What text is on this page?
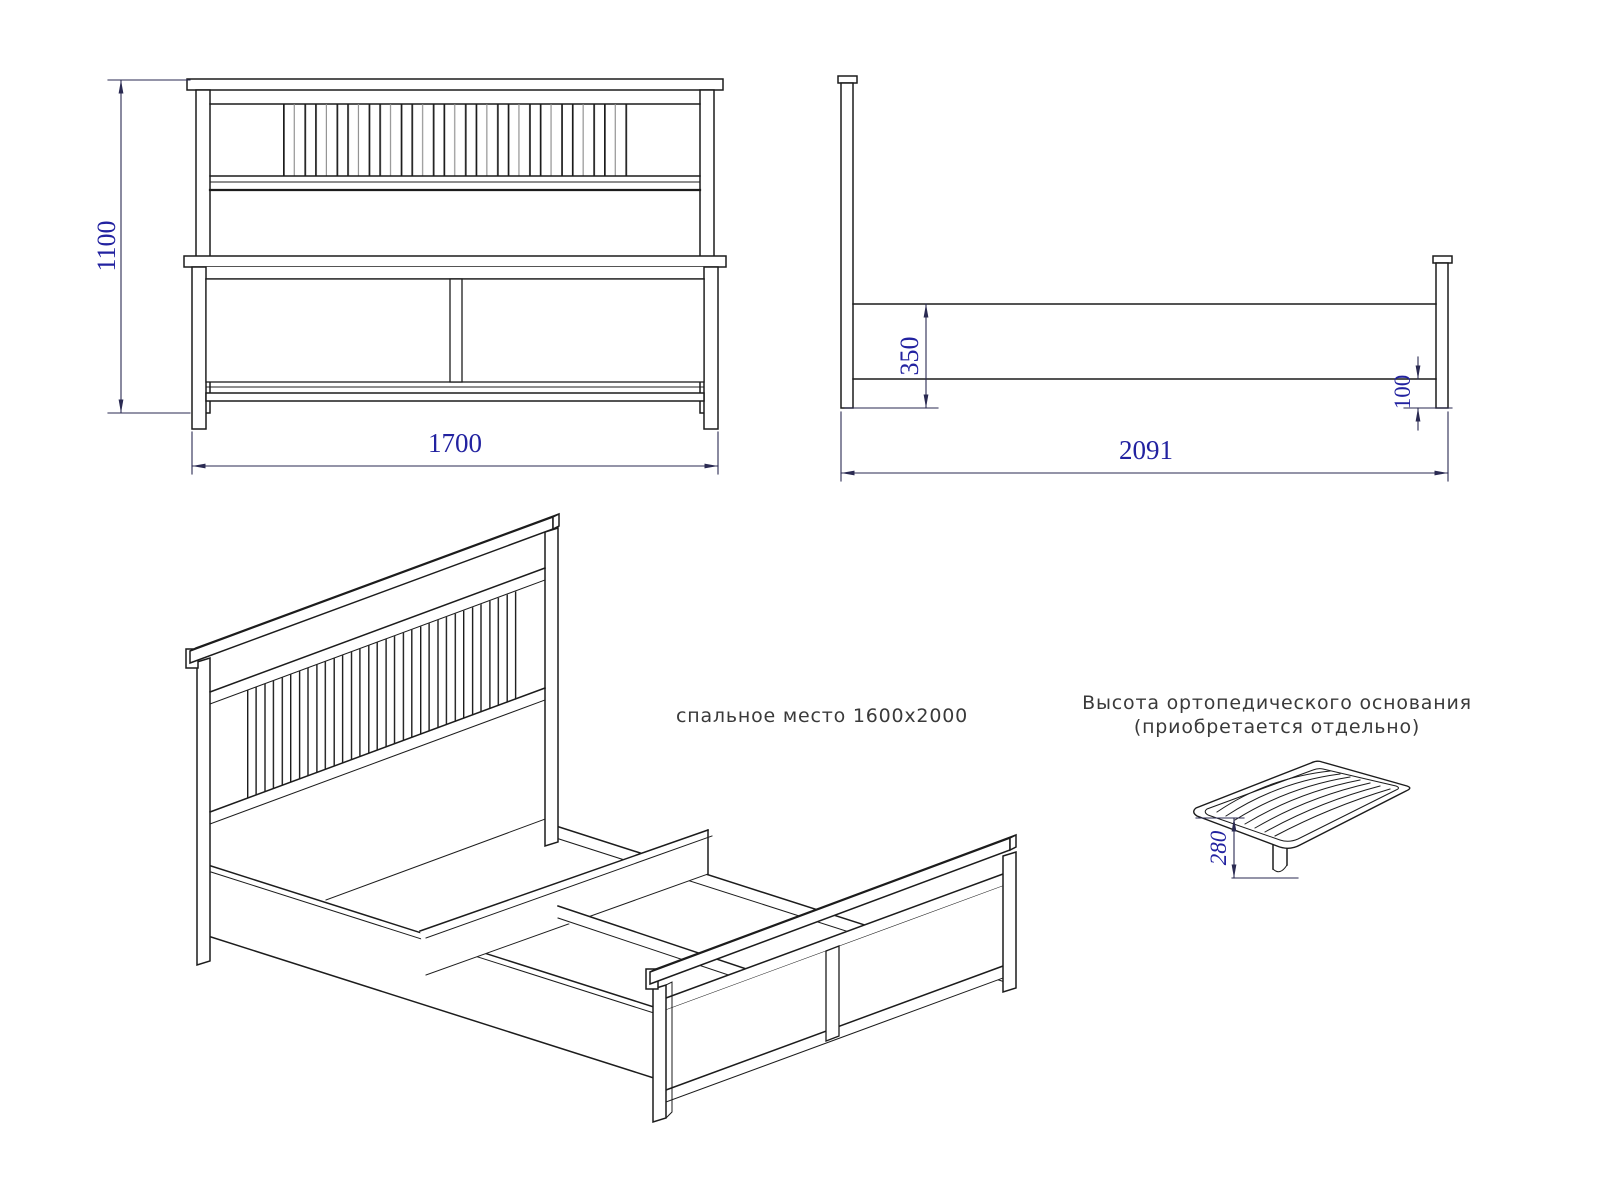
1100
1700
350
100
2091
280
спальное место 1600x2000
Высота ортопедического основания
(приобретается отдельно)
